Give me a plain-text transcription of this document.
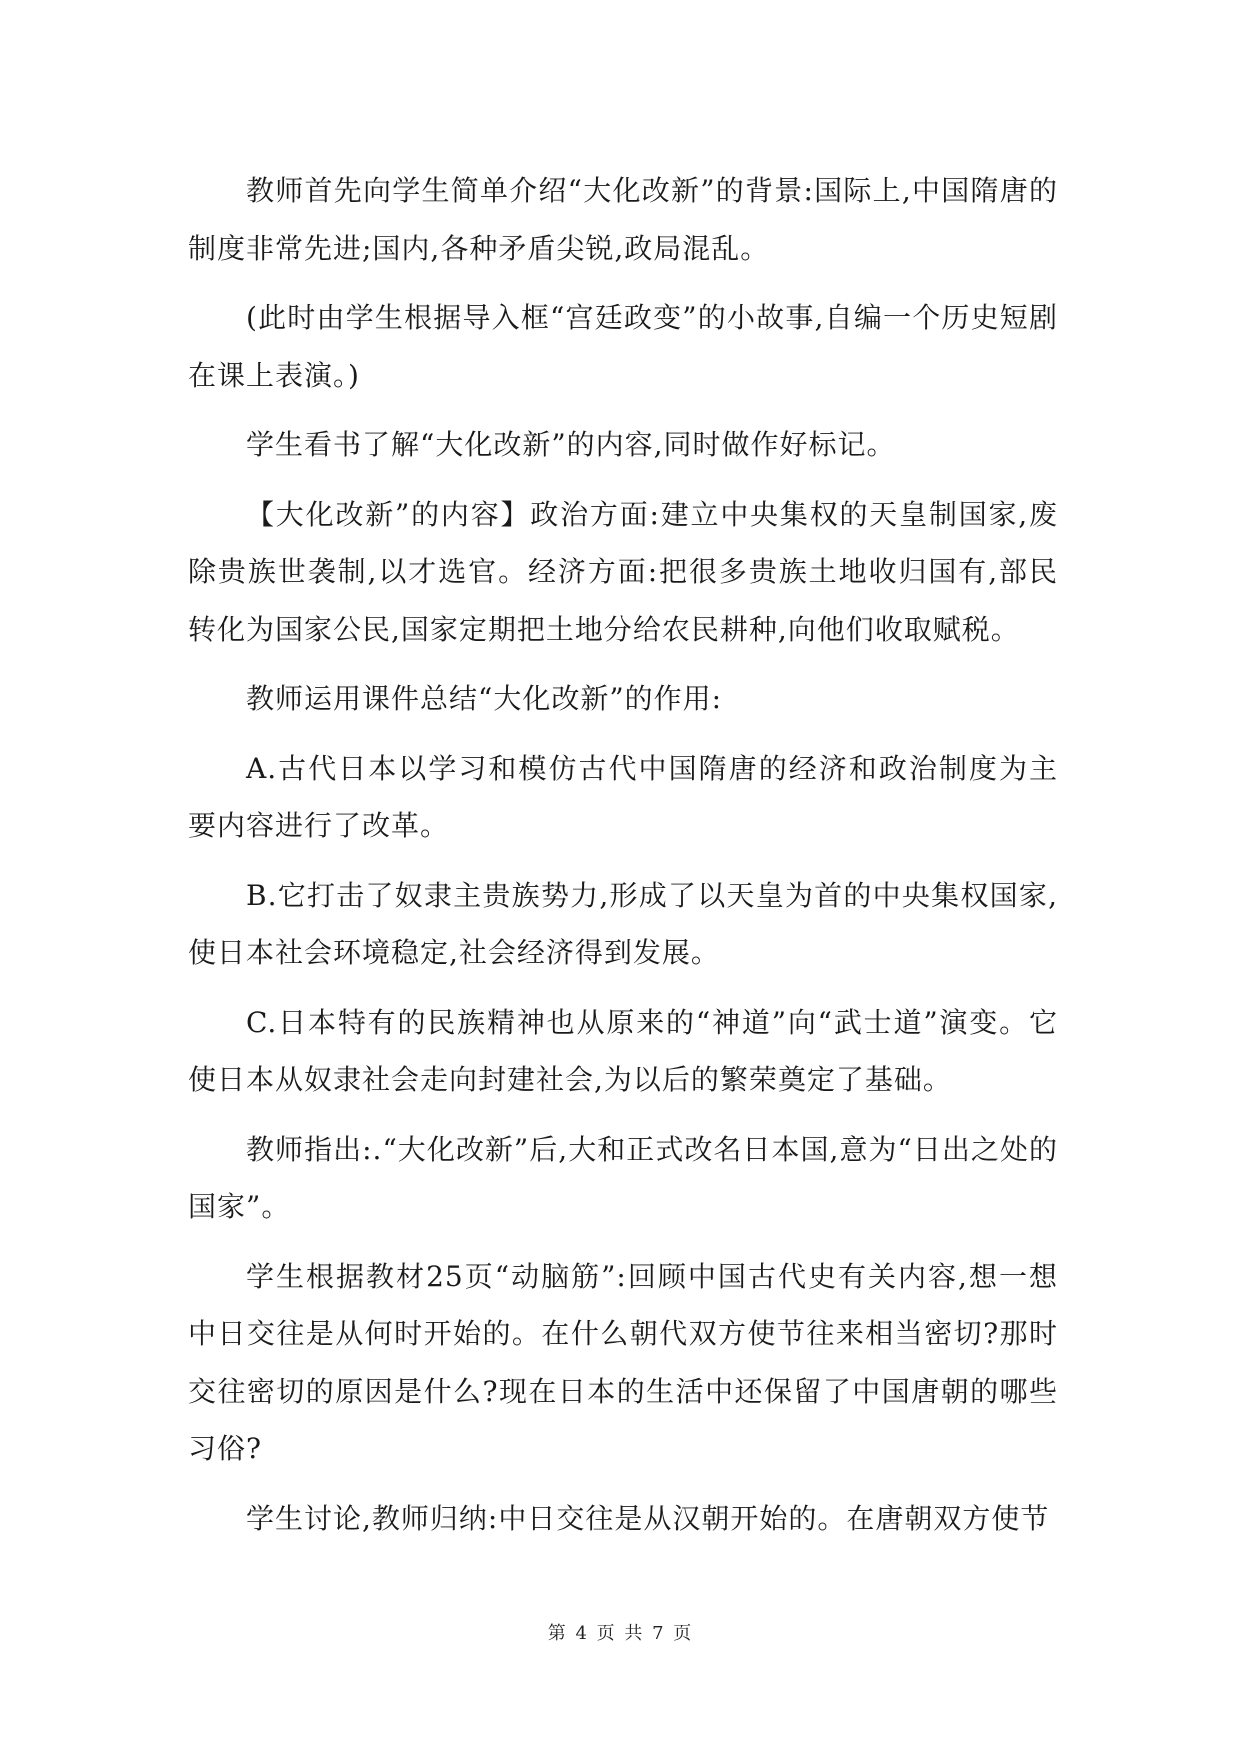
教师首先向学生简单介绍“大化改新”的背景:国际上,中国隋唐的制度非常先进;国内,各种矛盾尖锐,政局混乱。

(此时由学生根据导入框“宫廷政变”的小故事,自编一个历史短剧在课上表演。)

学生看书了解“大化改新”的内容,同时做作好标记。

【大化改新”的内容】政治方面:建立中央集权的天皇制国家,废除贵族世袭制,以才选官。经济方面:把很多贵族土地收归国有,部民转化为国家公民,国家定期把土地分给农民耕种,向他们收取赋税。

教师运用课件总结“大化改新”的作用:

A.古代日本以学习和模仿古代中国隋唐的经济和政治制度为主要内容进行了改革。

B.它打击了奴隶主贵族势力,形成了以天皇为首的中央集权国家,使日本社会环境稳定,社会经济得到发展。

C.日本特有的民族精神也从原来的“神道”向“武士道”演变。它使日本从奴隶社会走向封建社会,为以后的繁荣奠定了基础。

教师指出:.“大化改新”后,大和正式改名日本国,意为“日出之处的国家”。

学生根据教材25页“动脑筋”:回顾中国古代史有关内容,想一想中日交往是从何时开始的。在什么朝代双方使节往来相当密切?那时交往密切的原因是什么?现在日本的生活中还保留了中国唐朝的哪些习俗?

学生讨论,教师归纳:中日交往是从汉朝开始的。在唐朝双方使节

第 4 页 共 7 页
